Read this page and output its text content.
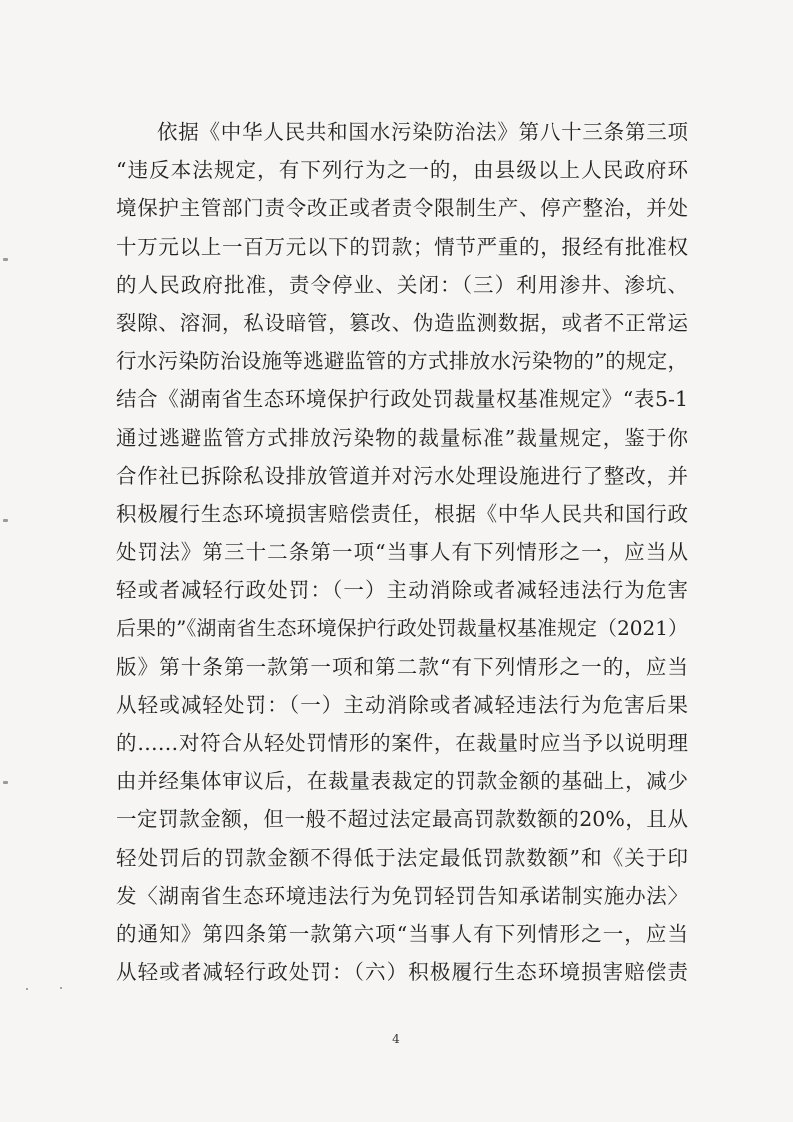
依据《中华人民共和国水污染防治法》第八十三条第三项
“违反本法规定，有下列行为之一的，由县级以上人民政府环
境保护主管部门责令改正或者责令限制生产、停产整治，并处
十万元以上一百万元以下的罚款；情节严重的，报经有批准权
的人民政府批准，责令停业、关闭：（三）利用渗井、渗坑、
裂隙、溶洞，私设暗管，篡改、伪造监测数据，或者不正常运
行水污染防治设施等逃避监管的方式排放水污染物的”的规定，
结合《湖南省生态环境保护行政处罚裁量权基准规定》“表5-1
通过逃避监管方式排放污染物的裁量标准”裁量规定，鉴于你
合作社已拆除私设排放管道并对污水处理设施进行了整改，并
积极履行生态环境损害赔偿责任，根据《中华人民共和国行政
处罚法》第三十二条第一项“当事人有下列情形之一，应当从
轻或者减轻行政处罚：（一）主动消除或者减轻违法行为危害
后果的”《湖南省生态环境保护行政处罚裁量权基准规定（2021）
版》第十条第一款第一项和第二款“有下列情形之一的，应当
从轻或减轻处罚：（一）主动消除或者减轻违法行为危害后果
的……对符合从轻处罚情形的案件，在裁量时应当予以说明理
由并经集体审议后，在裁量表裁定的罚款金额的基础上，减少
一定罚款金额，但一般不超过法定最高罚款数额的20%，且从
轻处罚后的罚款金额不得低于法定最低罚款数额”和《关于印
发〈湖南省生态环境违法行为免罚轻罚告知承诺制实施办法〉
的通知》第四条第一款第六项“当事人有下列情形之一，应当
从轻或者减轻行政处罚：（六）积极履行生态环境损害赔偿责
4
